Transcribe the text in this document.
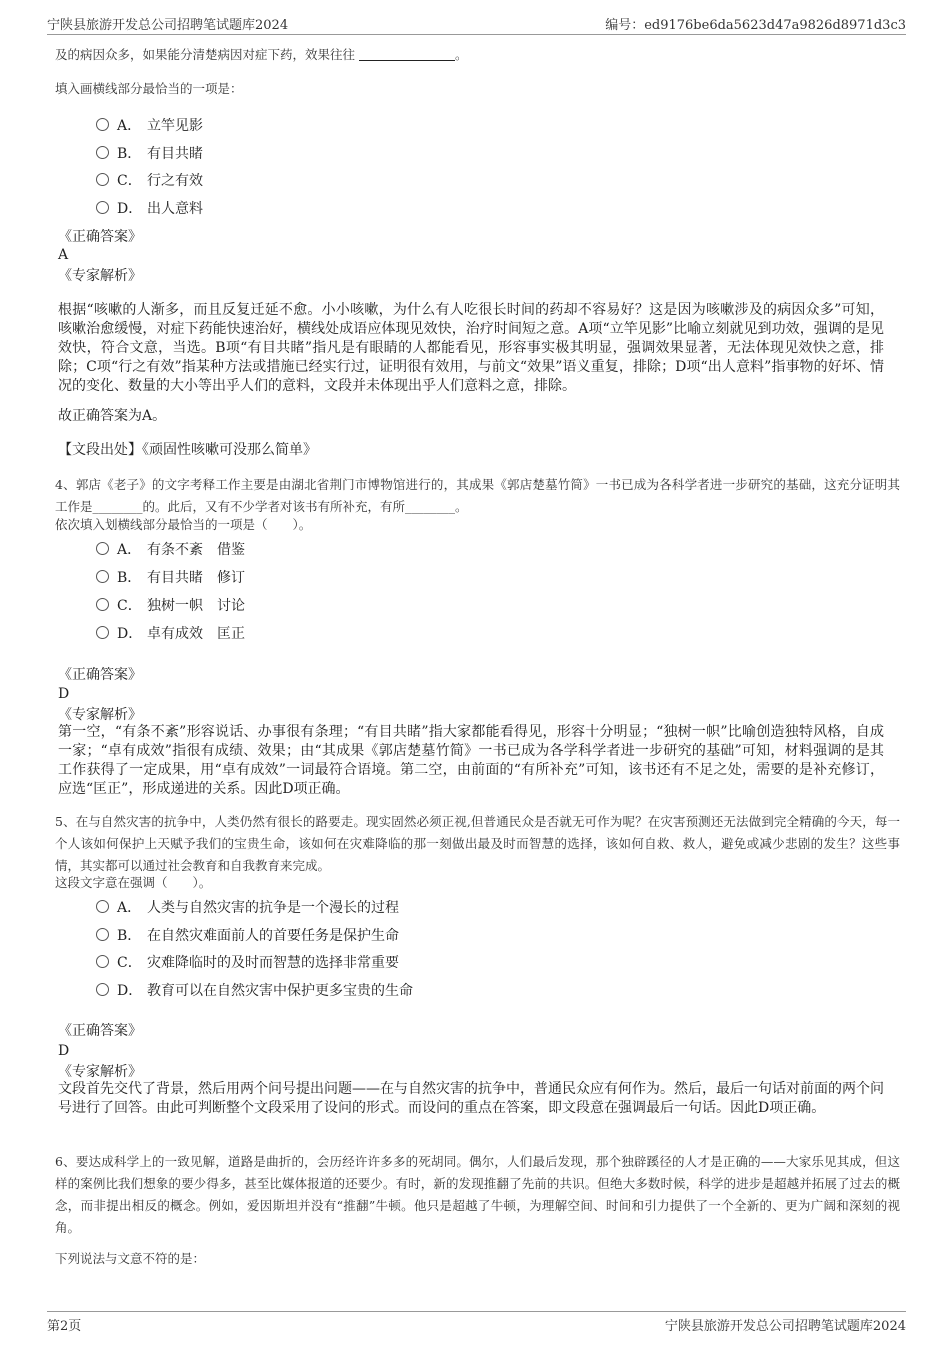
宁陕县旅游开发总公司招聘笔试题库2024	编号：ed9176be6da5623d47a9826d8971d3c3
及的病因众多，如果能分清楚病因对症下药，效果往往	。
填入画横线部分最恰当的一项是：
A． 立竿见影
B． 有目共睹
C． 行之有效
D． 出人意料
《正确答案》
A
《专家解析》
根据“咳嗽的人渐多，而且反复迁延不愈。小小咳嗽，为什么有人吃很长时间的药却不容易好？这是因为咳嗽涉及的病因众多”可知，咳嗽治愈缓慢，对症下药能快速治好，横线处成语应体现见效快，治疗时间短之意。A项“立竿见影”比喻立刻就见到功效，强调的是见效快，符合文意，当选。B项“有目共睹”指凡是有眼睛的人都能看见，形容事实极其明显，强调效果显著，无法体现见效快之意，排除；C项“行之有效”指某种方法或措施已经实行过，证明很有效用，与前文“效果”语义重复，排除；D项“出人意料”指事物的好坏、情况的变化、数量的大小等出乎人们的意料，文段并未体现出乎人们意料之意，排除。
故正确答案为A。
【文段出处】《顽固性咳嗽可没那么简单》
4、郭店《老子》的文字考释工作主要是由湖北省荆门市博物馆进行的，其成果《郭店楚墓竹简》一书已成为各科学者进一步研究的基础，这充分证明其工作是________的。此后，又有不少学者对该书有所补充，有所________。
依次填入划横线部分最恰当的一项是（　　）。
A． 有条不紊　借鉴
B． 有目共睹　修订
C． 独树一帜　讨论
D． 卓有成效　匡正
《正确答案》
D
《专家解析》
第一空，“有条不紊”形容说话、办事很有条理；“有目共睹”指大家都能看得见，形容十分明显；“独树一帜”比喻创造独特风格，自成一家；“卓有成效”指很有成绩、效果；由“其成果《郭店楚墓竹简》一书已成为各学科学者进一步研究的基础”可知，材料强调的是其工作获得了一定成果，用“卓有成效”一词最符合语境。第二空，由前面的“有所补充”可知，该书还有不足之处，需要的是补充修订，应选“匡正”，形成递进的关系。因此D项正确。
5、在与自然灾害的抗争中，人类仍然有很长的路要走。现实固然必须正视,但普通民众是否就无可作为呢？在灾害预测还无法做到完全精确的今天，每一个人该如何保护上天赋予我们的宝贵生命，该如何在灾难降临的那一刻做出最及时而智慧的选择，该如何自救、救人，避免或减少悲剧的发生？这些事情，其实都可以通过社会教育和自我教育来完成。
这段文字意在强调（　　）。
A． 人类与自然灾害的抗争是一个漫长的过程
B． 在自然灾难面前人的首要任务是保护生命
C． 灾难降临时的及时而智慧的选择非常重要
D． 教育可以在自然灾害中保护更多宝贵的生命
《正确答案》
D
《专家解析》
文段首先交代了背景，然后用两个问号提出问题——在与自然灾害的抗争中，普通民众应有何作为。然后，最后一句话对前面的两个问号进行了回答。由此可判断整个文段采用了设问的形式。而设问的重点在答案，即文段意在强调最后一句话。因此D项正确。
6、要达成科学上的一致见解，道路是曲折的，会历经许许多多的死胡同。偶尔，人们最后发现，那个独辟蹊径的人才是正确的——大家乐见其成，但这样的案例比我们想象的要少得多，甚至比媒体报道的还要少。有时，新的发现推翻了先前的共识。但绝大多数时候，科学的进步是超越并拓展了过去的概念，而非提出相反的概念。例如，爱因斯坦并没有“推翻”牛顿。他只是超越了牛顿，为理解空间、时间和引力提供了一个全新的、更为广阔和深刻的视角。
下列说法与文意不符的是：
第2页	宁陕县旅游开发总公司招聘笔试题库2024
